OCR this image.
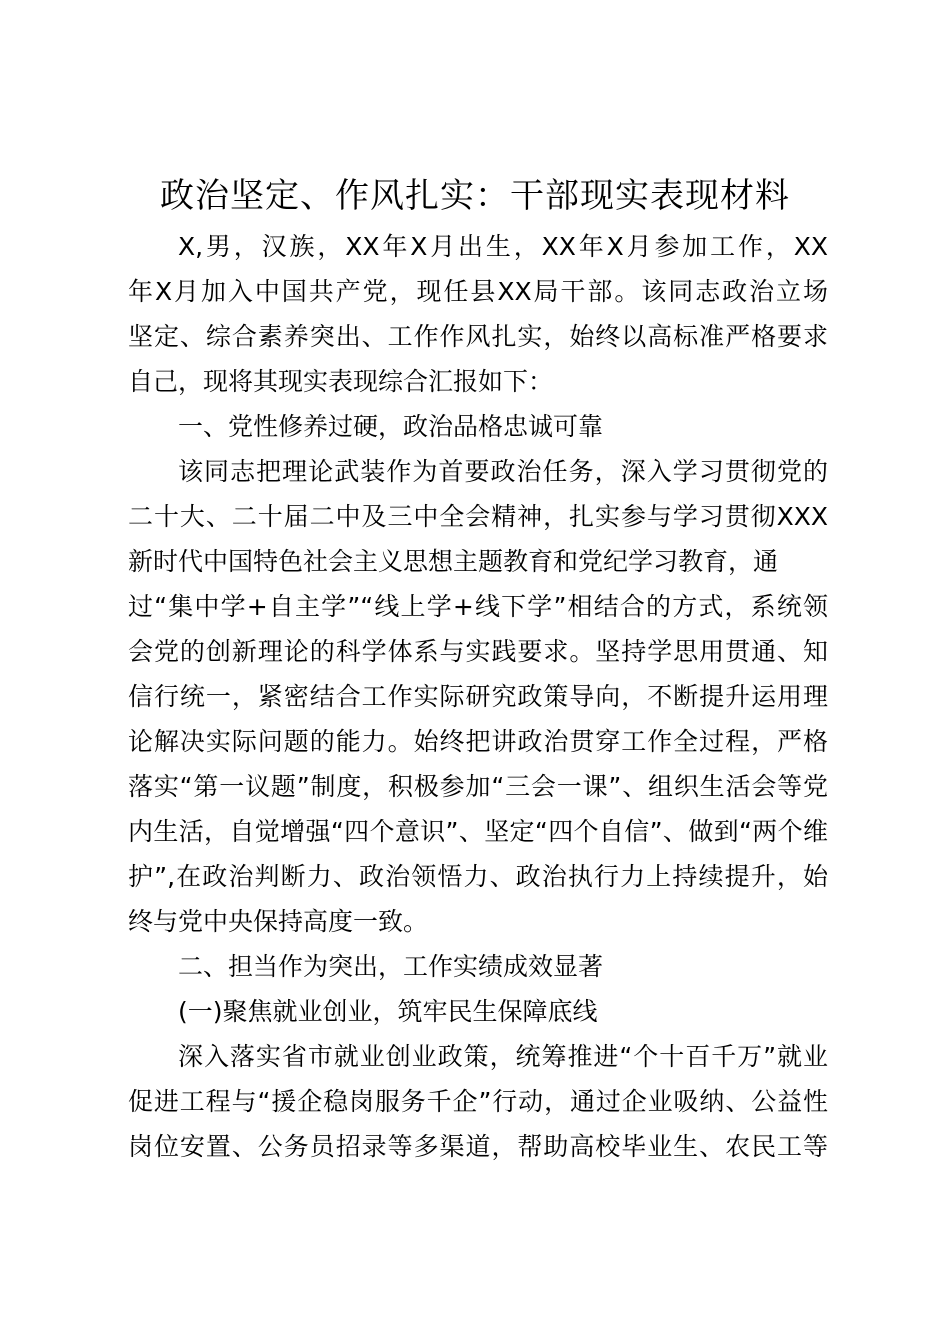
政治坚定、作风扎实：干部现实表现材料
X,男，汉族，XX年X月出生，XX年X月参加工作，XX
年X月加入中国共产党，现任县XX局干部。该同志政治立场
坚定、综合素养突出、工作作风扎实，始终以高标准严格要求
自己，现将其现实表现综合汇报如下：
一、党性修养过硬，政治品格忠诚可靠
该同志把理论武装作为首要政治任务，深入学习贯彻党的
二十大、二十届二中及三中全会精神，扎实参与学习贯彻XXX
新时代中国特色社会主义思想主题教育和党纪学习教育，通
过“集中学+自主学”“线上学+线下学”相结合的方式，系统领
会党的创新理论的科学体系与实践要求。坚持学思用贯通、知
信行统一，紧密结合工作实际研究政策导向，不断提升运用理
论解决实际问题的能力。始终把讲政治贯穿工作全过程，严格
落实“第一议题”制度，积极参加“三会一课”、组织生活会等党
内生活，自觉增强“四个意识”、坚定“四个自信”、做到“两个维
护”,在政治判断力、政治领悟力、政治执行力上持续提升，始
终与党中央保持高度一致。
二、担当作为突出，工作实绩成效显著
(一)聚焦就业创业，筑牢民生保障底线
深入落实省市就业创业政策，统筹推进“个十百千万”就业
促进工程与“援企稳岗服务千企”行动，通过企业吸纳、公益性
岗位安置、公务员招录等多渠道，帮助高校毕业生、农民工等
